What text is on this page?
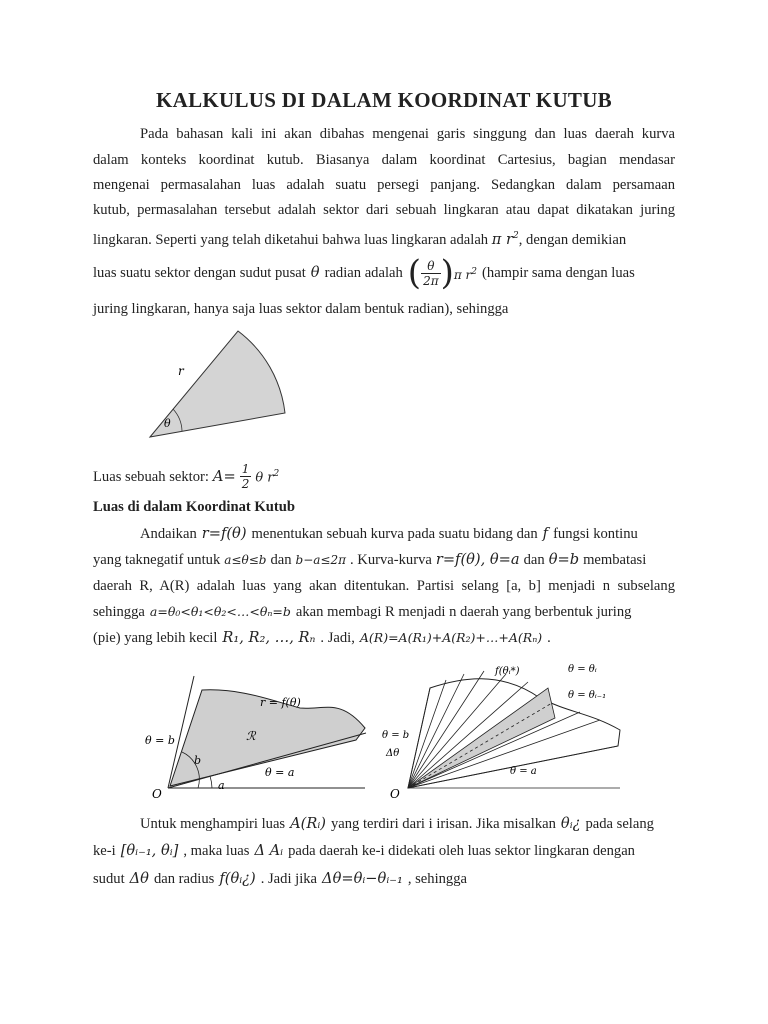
KALKULUS DI DALAM KOORDINAT KUTUB
Pada bahasan kali ini akan dibahas mengenai garis singgung dan luas daerah kurva
dalam konteks koordinat kutub. Biasanya dalam koordinat Cartesius, bagian mendasar
mengenai permasalahan luas adalah suatu persegi panjang. Sedangkan dalam persamaan
kutub, permasalahan tersebut adalah sektor dari sebuah lingkaran atau dapat dikatakan juring
lingkaran. Seperti yang telah diketahui bahwa luas lingkaran adalah π $r^2$, dengan demikian
luas suatu sektor dengan sudut pusat θ radian adalah ( $\frac{\theta}{2\pi}$ ) π $r^2$ (hampir sama dengan luas
juring lingkaran, hanya saja luas sektor dalam bentuk radian), sehingga
r
θ
Luas sebuah sektor: $A= \frac{1}{2}$ θ $r^2$
Luas di dalam Koordinat Kutub
Andaikan r=f(θ) menentukan sebuah kurva pada suatu bidang dan f fungsi kontinu
yang taknegatif untuk a≤θ≤b dan b−a≤2π . Kurva-kurva r=f(θ), θ=a dan θ=b membatasi
daerah R, A(R) adalah luas yang akan ditentukan. Partisi selang [a, b] menjadi n subselang
sehingga a=θ₀<θ₁<θ₂<…<θₙ=b akan membagi R menjadi n daerah yang berbentuk juring
(pie) yang lebih kecil R₁, R₂, …, Rₙ . Jadi, A(R)=A(R₁)+A(R₂)+…+A(Rₙ) .
r = f(θ)
ℛ
θ = b
θ = a
b
a
O
f(θᵢ*)	θ = θᵢ
θ = θᵢ₋₁
θ = b
Δθ
θ = a
O
Untuk menghampiri luas A(Rᵢ) yang terdiri dari i irisan. Jika misalkan θᵢ¿ pada selang
ke-i [θᵢ₋₁, θᵢ] , maka luas Δ Aᵢ pada daerah ke-i didekati oleh luas sektor lingkaran dengan
sudut Δθ dan radius f(θᵢ¿) . Jadi jika Δθ=θᵢ−θᵢ₋₁ , sehingga
